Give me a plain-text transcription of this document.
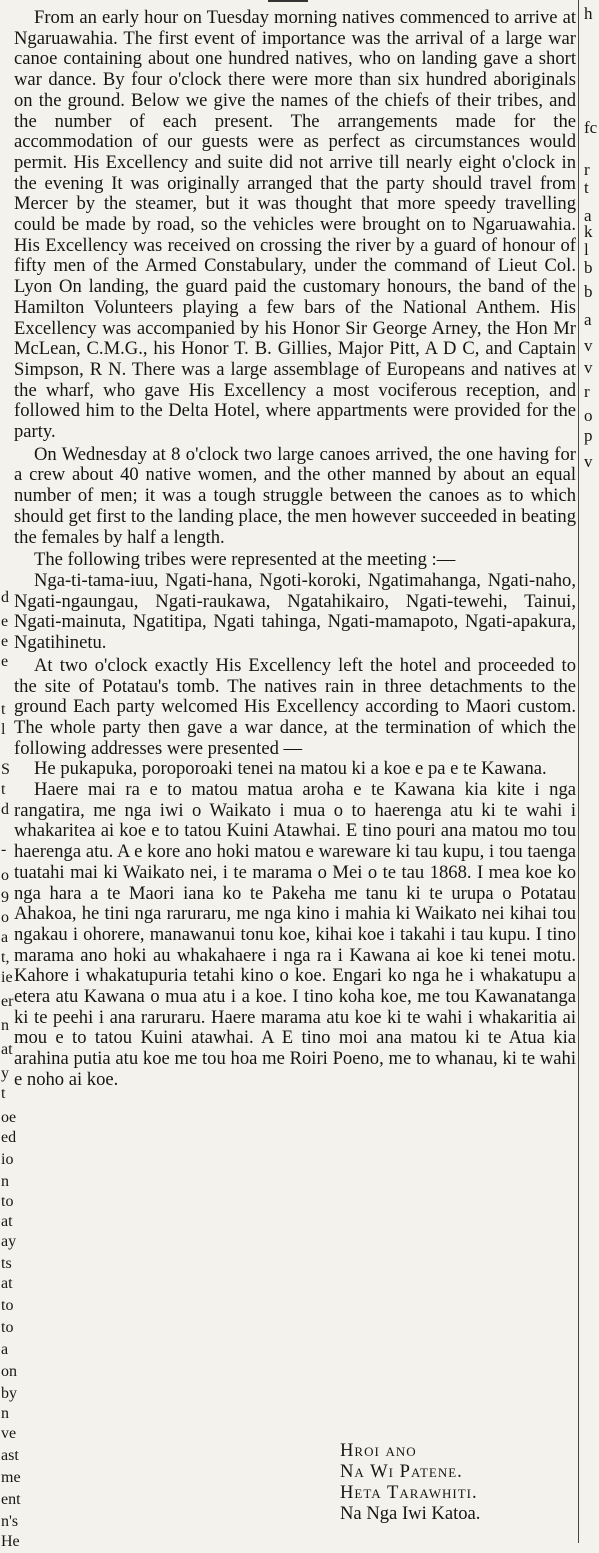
d
e
e
e
t
l
S
t
d
-
o
9
o
a
t,
ie
er
n
at
y
t
oe
ed
io
n
to
at
ay
ts
at
to
to
a
on
by
n
ve
ast
me
ent
n's
He
h
fc
r
t
a
k
l
b
b
a
v
v
r
o
p
v

From an early hour on Tuesday morning natives commenced to arrive at Ngaruawahia. The first event of importance was the arrival of a large war canoe containing about one hundred natives, who on landing gave a short war dance. By four o'clock there were more than six hundred aboriginals on the ground. Below we give the names of the chiefs of their tribes, and the number of each present. The arrangements made for the accommodation of our guests were as perfect as circumstances would permit. His Excellency and suite did not arrive till nearly eight o'clock in the evening It was originally arranged that the party should travel from Mercer by the steamer, but it was thought that more speedy travelling could be made by road, so the vehicles were brought on to Ngaruawahia. His Excellency was received on crossing the river by a guard of honour of fifty men of the Armed Constabulary, under the command of Lieut Col. Lyon On landing, the guard paid the customary honours, the band of the Hamilton Volunteers playing a few bars of the National Anthem. His Excellency was accompanied by his Honor Sir George Arney, the Hon Mr McLean, C.M.G., his Honor T. B. Gillies, Major Pitt, A D C, and Captain Simpson, R N. There was a large assemblage of Europeans and natives at the wharf, who gave His Excellency a most vociferous reception, and followed him to the Delta Hotel, where appartments were provided for the party.

On Wednesday at 8 o'clock two large canoes arrived, the one having for a crew about 40 native women, and the other manned by about an equal number of men; it was a tough struggle between the canoes as to which should get first to the landing place, the men however succeeded in beating the females by half a length.

The following tribes were represented at the meeting :—

Nga-ti-tama-iuu, Ngati-hana, Ngoti-koroki, Ngatimahanga, Ngati-naho, Ngati-ngaungau, Ngati-raukawa, Ngatahikairo, Ngati-tewehi, Tainui, Ngati-mainuta, Ngatitipa, Ngati tahinga, Ngati-mamapoto, Ngati-apakura, Ngatihinetu.

At two o'clock exactly His Excellency left the hotel and proceeded to the site of Potatau's tomb. The natives rain in three detachments to the ground Each party welcomed His Excellency according to Maori custom. The whole party then gave a war dance, at the termination of which the following addresses were presented —

He pukapuka, poroporoaki tenei na matou ki a koe e pa e te Kawana.

Haere mai ra e to matou matua aroha e te Kawana kia kite i nga rangatira, me nga iwi o Waikato i mua o to haerenga atu ki te wahi i whakaritea ai koe e to tatou Kuini Atawhai. E tino pouri ana matou mo tou haerenga atu. A e kore ano hoki matou e wareware ki tau kupu, i tou taenga tuatahi mai ki Waikato nei, i te marama o Mei o te tau 1868. I mea koe ko nga hara a te Maori iana ko te Pakeha me tanu ki te urupa o Potatau Ahakoa, he tini nga raruraru, me nga kino i mahia ki Waikato nei kihai tou ngakau i ohorere, manawanui tonu koe, kihai koe i takahi i tau kupu. I tino marama ano hoki au whakahaere i nga ra i Kawana ai koe ki tenei motu. Kahore i whakatupuria tetahi kino o koe. Engari ko nga he i whakatupu a etera atu Kawana o mua atu i a koe. I tino koha koe, me tou Kawanatanga ki te peehi i ana raruraru. Haere marama atu koe ki te wahi i whakaritia ai mou e to tatou Kuini atawhai. A E tino moi ana matou ki te Atua kia arahina putia atu koe me tou hoa me Roiri Poeno, me to whanau, ki te wahi e noho ai koe.

Hroi ano
Na Wi Patene.
Heta Tarawhiti.
Na Nga Iwi Katoa.
